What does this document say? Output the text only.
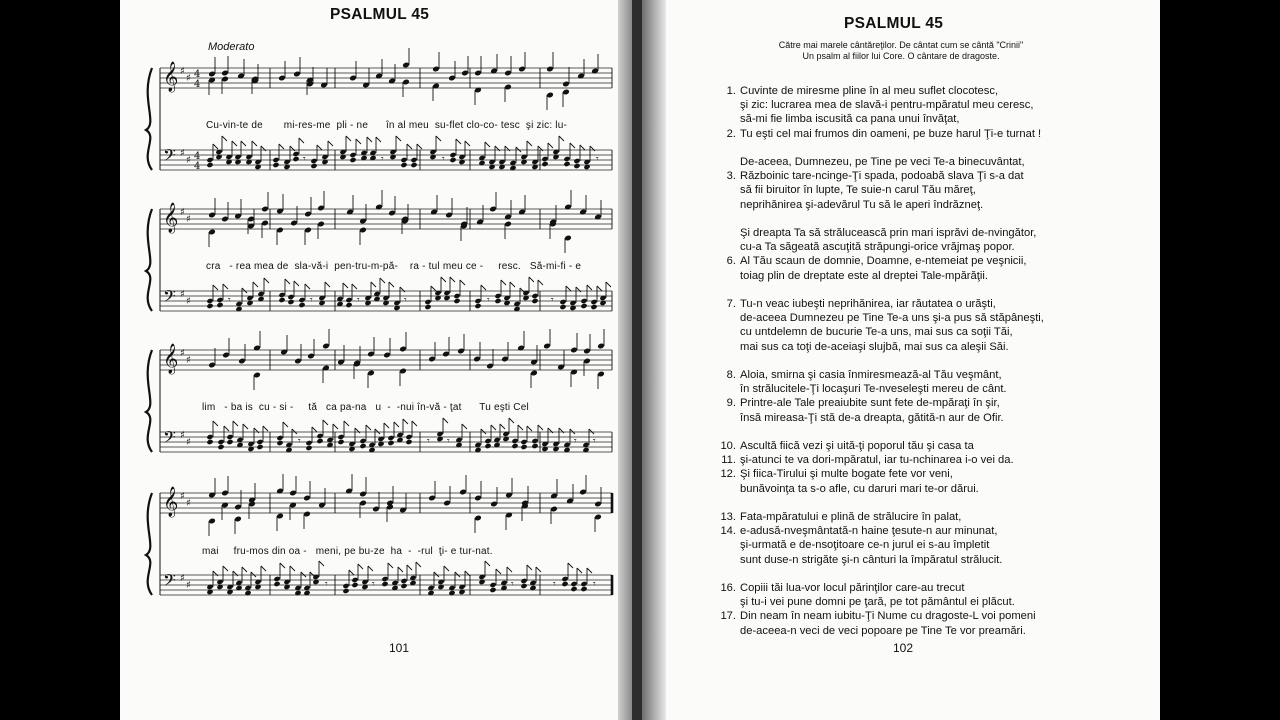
PSALMUL 45
Moderato
𝄞 ♯
♯ 4
4
𝄢 ♯
♯ 4
4
𝄾	𝄾	𝄾	𝄾
𝄞 ♯
♯
𝄢 ♯
♯	𝄾	𝄾	𝄾	𝄾	𝄾	𝄾
𝄞 ♯
♯
𝄢 ♯
♯	𝄾	𝄾 𝄾	𝄾 𝄾
𝄞 ♯
♯
𝄢 ♯
♯	𝄾	𝄾	𝄾	𝄾	𝄾
Cu-vin-te de       mi-res-me  pli - ne      în al meu  su-flet clo-co- tesc  şi zic: lu-
cra   - rea mea de  sla-vă-i  pen-tru-m-pă-    ra - tul meu ce -     resc.   Să-mi-fi - e
lim   - ba is  cu - si -     tă   ca pa-na   u  -  -nui în-vă - ţat      Tu eşti Cel
mai     fru-mos din oa -   meni, pe bu-ze  ha  -  -rul  ţi- e tur-nat.
101
PSALMUL 45
Către mai marele cântăreţilor. De cântat cum se cântă "Crinii"
Un psalm al fiilor lui Core. O cântare de dragoste.
1. Cuvinte de miresme pline în al meu suflet clocotesc,
şi zic: lucrarea mea de slavă-i pentru-mpăratul meu ceresc,
să-mi fie limba iscusită ca pana unui învăţat,
2. Tu eşti cel mai frumos din oameni, pe buze harul Ţi-e turnat !
De-aceea, Dumnezeu, pe Tine pe veci Te-a binecuvântat,
3. Războinic tare-ncinge-Ţi spada, podoabă slava Ţi s-a dat
să fii biruitor în lupte, Te suie-n carul Tău măreţ,
neprihănirea şi-adevărul Tu să le aperi îndrăzneţ.
Şi dreapta Ta să strălucească prin mari isprăvi de-nvingător,
cu-a Ta săgeată ascuţită străpungi-orice vrăjmaş popor.
6. Al Tău scaun de domnie, Doamne, e-ntemeiat pe veşnicii,
toiag plin de dreptate este al dreptei Tale-mpărăţii.
7. Tu-n veac iubeşti neprihănirea, iar răutatea o urăşti,
de-aceea Dumnezeu pe Tine Te-a uns şi-a pus să stăpâneşti,
cu untdelemn de bucurie Te-a uns, mai sus ca soţii Tăi,
mai sus ca toţi de-aceiaşi slujbă, mai sus ca aleşii Săi.
8. Aloia, smirna şi casia înmiresmează-al Tău veşmânt,
în strălucitele-Ţi locaşuri Te-nveseleşti mereu de cânt.
9. Printre-ale Tale preaiubite sunt fete de-mpăraţi în şir,
însă mireasa-Ţi stă de-a dreapta, gătită-n aur de Ofir.
10. Ascultă fiică vezi şi uită-ţi poporul tău şi casa ta
11. şi-atunci te va dori-mpăratul, iar tu-nchinarea i-o vei da.
12. Şi fiica-Tirului şi multe bogate fete vor veni,
bunăvoinţa ta s-o afle, cu daruri mari te-or dărui.
13. Fata-mpăratului e plină de strălucire în palat,
14. e-adusă-nveşmântată-n haine ţesute-n aur minunat,
şi-urmată e de-nsoţitoare ce-n jurul ei s-au împletit
sunt duse-n strigăte şi-n cânturi la împăratul strălucit.
16. Copiii tăi lua-vor locul părinţilor care-au trecut
şi tu-i vei pune domni pe ţară, pe tot pământul ei plăcut.
17. Din neam în neam iubitu-Ţi Nume cu dragoste-L voi pomeni
de-aceea-n veci de veci popoare pe Tine Te vor preamări.
102
